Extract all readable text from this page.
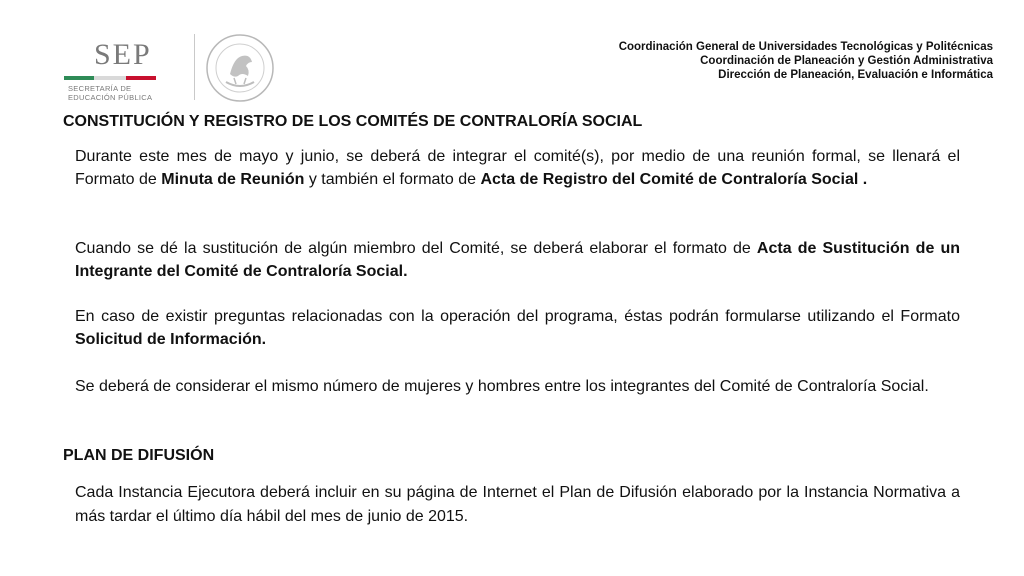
SEP
SECRETARÍA DE
EDUCACIÓN PÚBLICA
Coordinación General de Universidades Tecnológicas y Politécnicas
Coordinación de Planeación y Gestión Administrativa
Dirección de Planeación, Evaluación e Informática
CONSTITUCIÓN Y REGISTRO DE LOS COMITÉS DE CONTRALORÍA SOCIAL
Durante este mes de mayo y junio, se deberá de integrar el comité(s), por medio de una reunión formal, se llenará el Formato de Minuta de Reunión y también el formato de Acta de Registro del Comité de Contraloría Social .
Cuando se dé la sustitución de algún miembro del Comité, se deberá elaborar el formato de Acta de Sustitución de un Integrante del Comité de Contraloría Social.
En caso de existir preguntas relacionadas con la operación del programa, éstas podrán formularse utilizando el Formato Solicitud de Información.
Se deberá de considerar el mismo número de mujeres y hombres entre los integrantes del Comité de Contraloría Social.
PLAN DE DIFUSIÓN
Cada Instancia Ejecutora deberá incluir en su página de Internet el Plan de Difusión elaborado por la Instancia Normativa a más tardar el último día hábil del mes de junio de 2015.
